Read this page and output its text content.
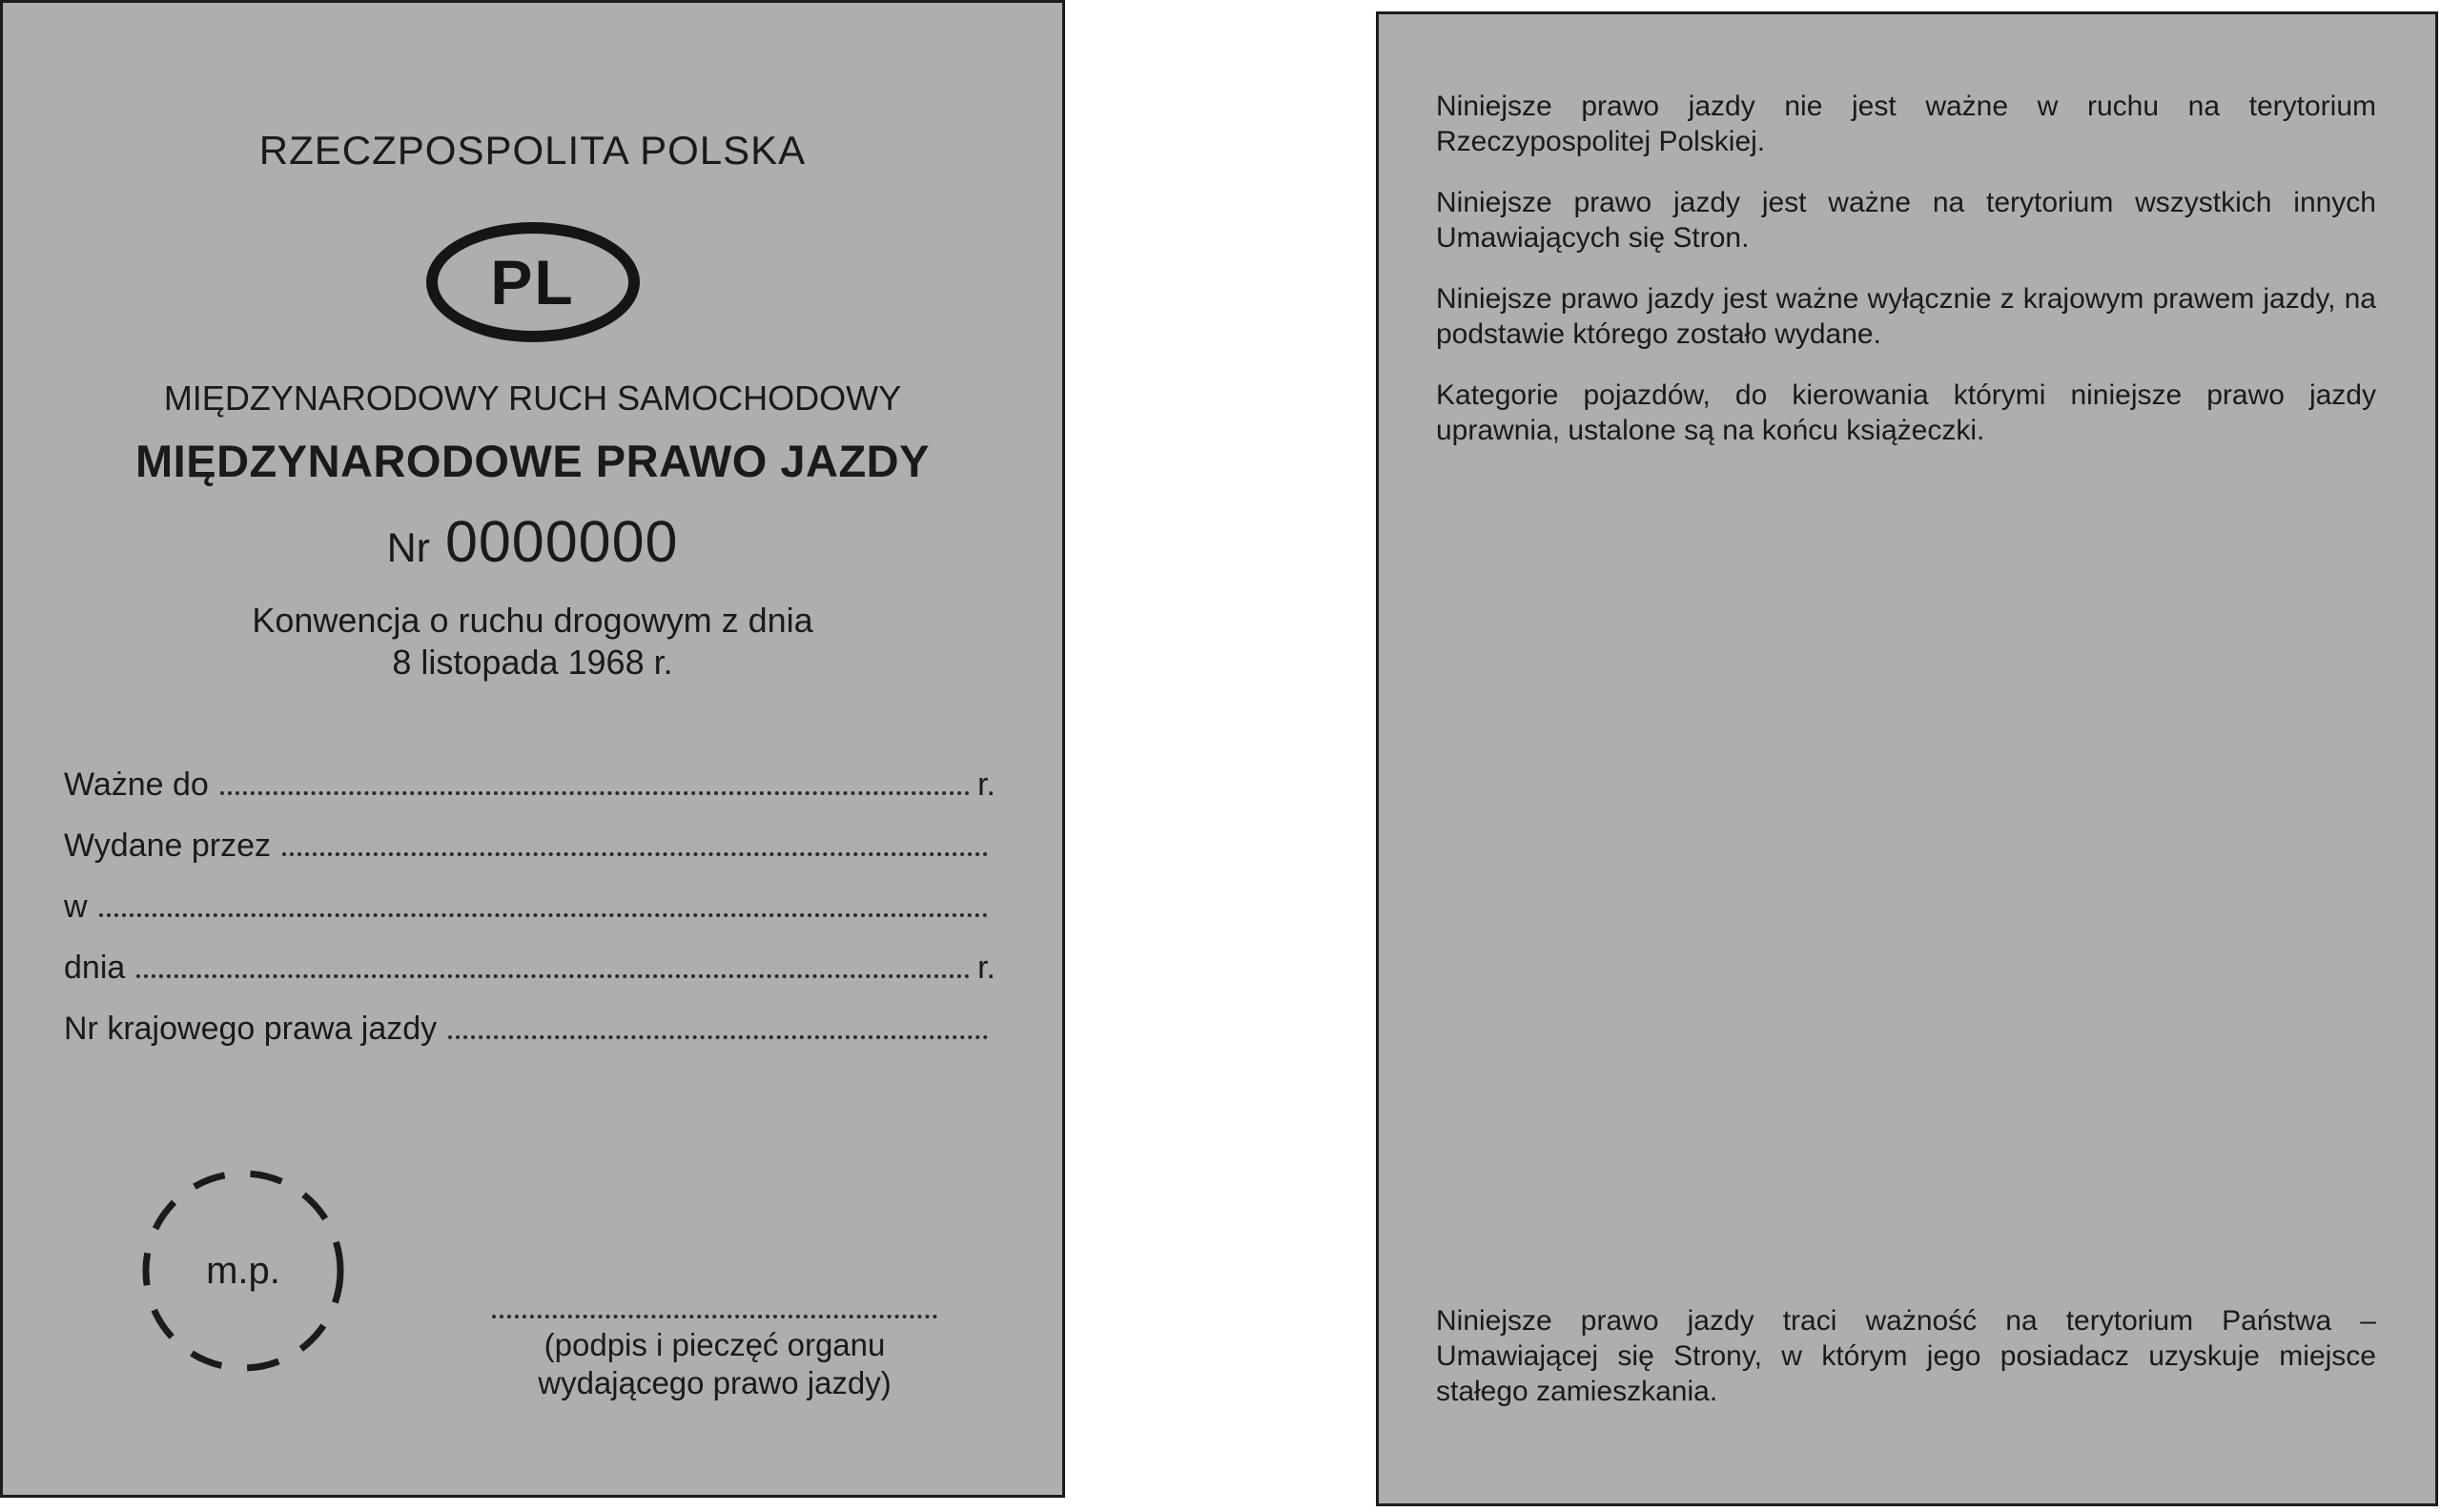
RZECZPOSPOLITA POLSKA
PL
MIĘDZYNARODOWY RUCH SAMOCHODOWY
MIĘDZYNARODOWE PRAWO JAZDY
Nr 0000000
Konwencja o ruchu drogowym z dnia
8 listopada 1968 r.
Ważne do	r.
Wydane przez
w
dnia	r.
Nr krajowego prawa jazdy
m.p.
(podpis i pieczęć organu
wydającego prawo jazdy)

Niniejsze prawo jazdy nie jest ważne w ruchu na terytorium Rzeczypospolitej Polskiej.

Niniejsze prawo jazdy jest ważne na terytorium wszystkich innych Umawiających się Stron.

Niniejsze prawo jazdy jest ważne wyłącznie z krajowym prawem jazdy, na podstawie którego zostało wydane.

Kategorie pojazdów, do kierowania którymi niniejsze prawo jazdy uprawnia, ustalone są na końcu książeczki.

Niniejsze prawo jazdy traci ważność na terytorium Państwa – Umawiającej się Strony, w którym jego posiadacz uzyskuje miejsce stałego zamieszkania.
